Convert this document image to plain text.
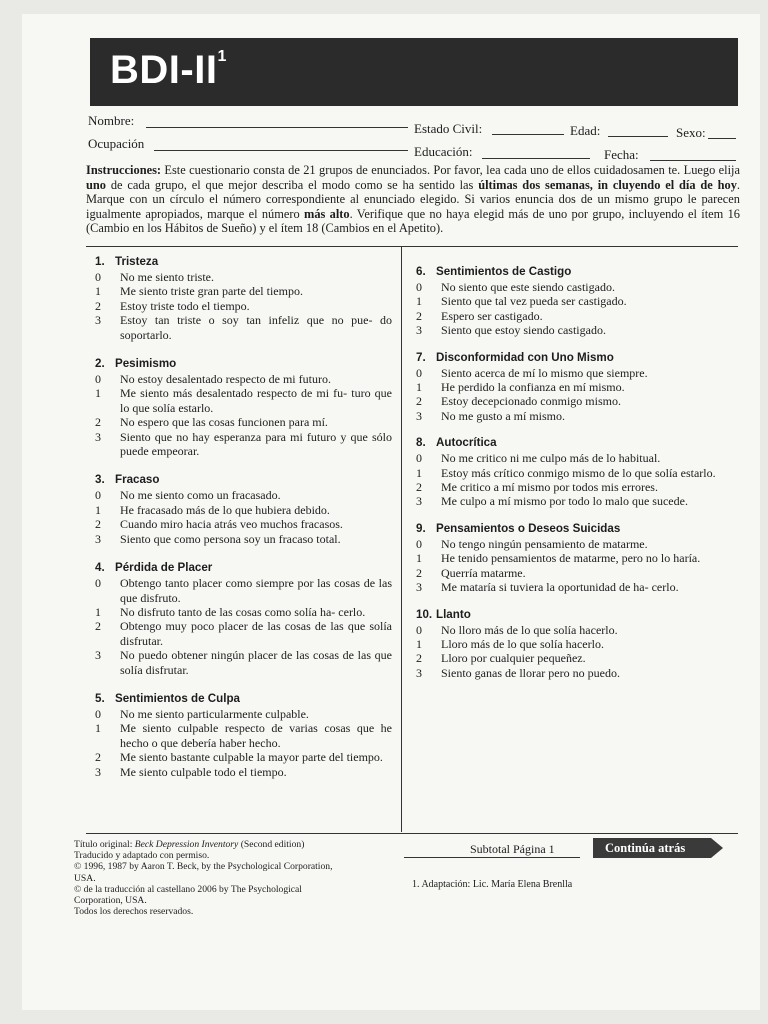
BDI-$II^1$
Nombre:
Estado Civil:	Edad:	Sexo:
Ocupación
Educación:	Fecha:
Instrucciones: Este cuestionario consta de 21 grupos de enunciados. Por favor, lea cada uno de ellos cuidadosamen te. Luego elija uno de cada grupo, el que mejor describa el modo como se ha sentido las últimas dos semanas, in cluyendo el día de hoy. Marque con un círculo el número correspondiente al enunciado elegido. Si varios enuncia dos de un mismo grupo le parecen igualmente apropiados, marque el número más alto. Verifique que no haya elegid más de uno por grupo, incluyendo el ítem 16 (Cambio en los Hábitos de Sueño) y el ítem 18 (Cambios en el Apetito).
1. Tristeza
0	No me siento triste.
1	Me siento triste gran parte del tiempo.
2	Estoy triste todo el tiempo.
3	Estoy tan triste o soy tan infeliz que no pue- do soportarlo.
2. Pesimismo
0	No estoy desalentado respecto de mi futuro.
1	Me siento más desalentado respecto de mi fu- turo que lo que solía estarlo.
2	No espero que las cosas funcionen para mí.
3	Siento que no hay esperanza para mi futuro y que sólo puede empeorar.
3. Fracaso
0	No me siento como un fracasado.
1	He fracasado más de lo que hubiera debido.
2	Cuando miro hacia atrás veo muchos fracasos.
3	Siento que como persona soy un fracaso total.
4. Pérdida de Placer
0	Obtengo tanto placer como siempre por las cosas de las que disfruto.
1	No disfruto tanto de las cosas como solía ha- cerlo.
2	Obtengo muy poco placer de las cosas de las que solía disfrutar.
3	No puedo obtener ningún placer de las cosas de las que solía disfrutar.
5. Sentimientos de Culpa
0	No me siento particularmente culpable.
1	Me siento culpable respecto de varias cosas que he hecho o que debería haber hecho.
2	Me siento bastante culpable la mayor parte del tiempo.
3	Me siento culpable todo el tiempo.
6. Sentimientos de Castigo
0	No siento que este siendo castigado.
1	Siento que tal vez pueda ser castigado.
2	Espero ser castigado.
3	Siento que estoy siendo castigado.
7. Disconformidad con Uno Mismo
0	Siento acerca de mí lo mismo que siempre.
1	He perdido la confianza en mí mismo.
2	Estoy decepcionado conmigo mismo.
3	No me gusto a mí mismo.
8. Autocrítica
0	No me critico ni me culpo más de lo habitual.
1	Estoy más crítico conmigo mismo de lo que solía estarlo.
2	Me critico a mí mismo por todos mis errores.
3	Me culpo a mí mismo por todo lo malo que sucede.
9. Pensamientos o Deseos Suicidas
0	No tengo ningún pensamiento de matarme.
1	He tenido pensamientos de matarme, pero no lo haría.
2	Querría matarme.
3	Me mataría si tuviera la oportunidad de ha- cerlo.
10. Llanto
0	No lloro más de lo que solía hacerlo.
1	Lloro más de lo que solía hacerlo.
2	Lloro por cualquier pequeñez.
3	Siento ganas de llorar pero no puedo.
Título original: Beck Depression Inventory (Second edition)
Traducido y adaptado con permiso.
© 1996, 1987 by Aaron T. Beck, by the Psychological Corporation,
USA.
© de la traducción al castellano 2006 by The Psychological
Corporation, USA.
Todos los derechos reservados.
Subtotal Página 1	Continúa atrás
1. Adaptación: Lic. María Elena Brenlla
